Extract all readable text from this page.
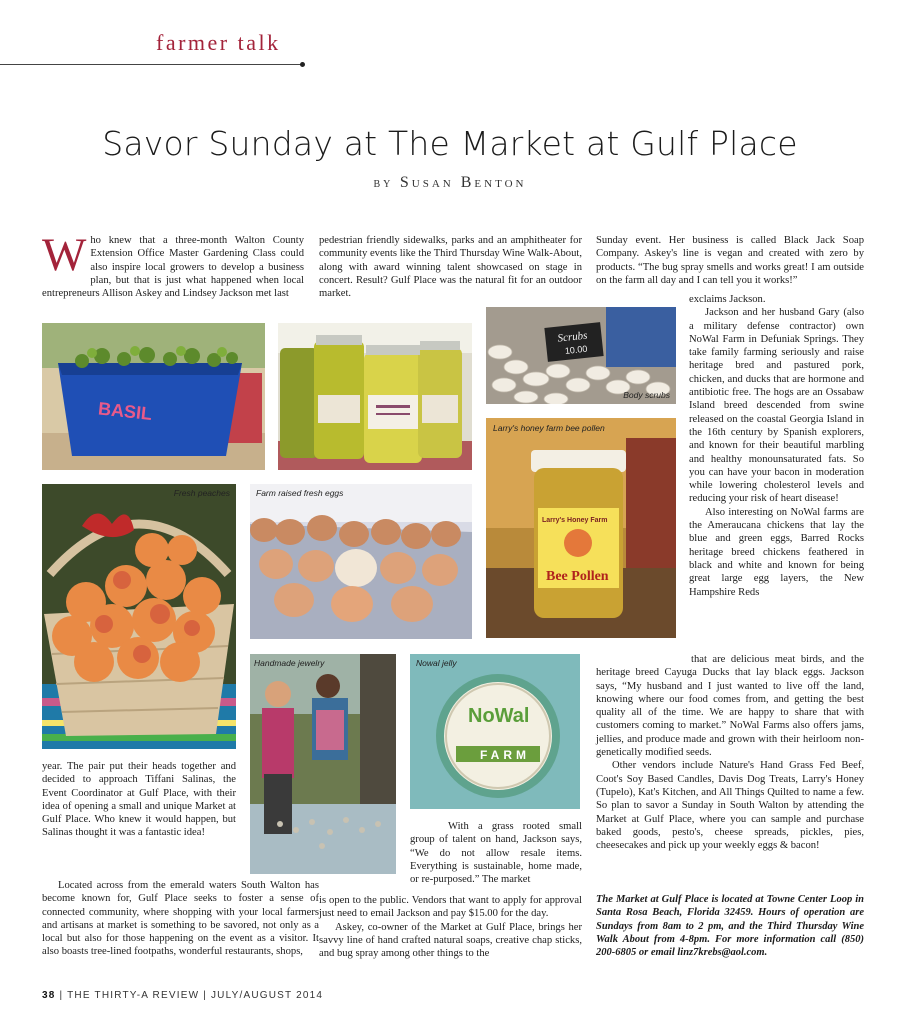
farmer talk
Savor Sunday at The Market at Gulf Place
by Susan Benton
Who knew that a three-month Walton County Extension Office Master Gardening Class could also inspire local growers to develop a business plan, but that is just what happened when local entrepreneurs Allison Askey and Lindsey Jackson met last
pedestrian friendly sidewalks, parks and an amphitheater for community events like the Third Thursday Wine Walk-About, along with award winning talent showcased on stage in concert. Result? Gulf Place was the natural fit for an outdoor market.
Sunday event. Her business is called Black Jack Soap Company. Askey's line is vegan and created with zero by products. “The bug spray smells and works great! I am outside on the farm all day and I can tell you it works!”
exclaims Jackson.
Jackson and her husband Gary (also a military defense contractor) own NoWal Farm in Defuniak Springs. They take family farming seriously and raise heritage bred and pastured pork, chicken, and ducks that are hormone and antibiotic free. The hogs are an Ossabaw Island breed descended from swine released on the coastal Georgia Island in the 16th century by Spanish explorers, and known for their beautiful marbling and healthy monounsaturated fats. So you can have your bacon in moderation while lowering cholesterol levels and reducing your risk of heart disease!
Also interesting on NoWal farms are the Ameraucana chickens that lay the blue and green eggs, Barred Rocks heritage breed chickens feathered in black and white and known for being great large egg layers, the New Hampshire Reds
that are delicious meat birds, and the heritage breed Cayuga Ducks that lay black eggs. Jackson says, “My husband and I just wanted to live off the land, knowing where our food comes from, and getting the best quality all of the time. We are happy to share that with customers coming to market.” NoWal Farms also offers jams, jellies, and produce made and grown with their heirloom non-genetically modified seeds.
Other vendors include Nature's Hand Grass Fed Beef, Coot's Soy Based Candles, Davis Dog Treats, Larry's Honey (Tupelo), Kat's Kitchen, and All Things Quilted to name a few. So plan to savor a Sunday in South Walton by attending the Market at Gulf Place, where you can sample and purchase baked goods, pesto's, cheese spreads, pickles, pies, cheesecakes and pick up your weekly eggs & bacon!
The Market at Gulf Place is located at Towne Center Loop in Santa Rosa Beach, Florida 32459. Hours of operation are Sundays from 8am to 2 pm, and the Third Thursday Wine Walk About from 4-8pm. For more information call (850) 200-6805 or email linz7krebs@aol.com.
year. The pair put their heads together and decided to approach Tiffani Salinas, the Event Coordinator at Gulf Place, with their idea of opening a small and unique Market at Gulf Place. Who knew it would happen, but Salinas thought it was a fantastic idea!
Located across from the emerald waters South Walton has become known for, Gulf Place seeks to foster a sense of connected community, where shopping with your local farmers and artisans at market is something to be savored, not only as a local but also for those happening on the event as a visitor. It also boasts tree-lined footpaths, wonderful restaurants, shops,
With a grass rooted small group of talent on hand, Jackson says, “We do not allow resale items. Everything is sustainable, home made, or re-purposed.” The market
is open to the public. Vendors that want to apply for approval just need to email Jackson and pay $15.00 for the day.
Askey, co-owner of the Market at Gulf Place, brings her savvy line of hand crafted natural soaps, creative chap sticks, and bug spray among other things to the
BASIL
Scrubs
10.00
Body scrubs
Larry's Honey Farm
Bee Pollen
Larry's honey farm bee pollen
Fresh peaches	Farm raised fresh eggs
Handmade jewelry
NoWal
FARM
Nowal jelly
38 | THE THIRTY-A REVIEW | JULY/AUGUST 2014
